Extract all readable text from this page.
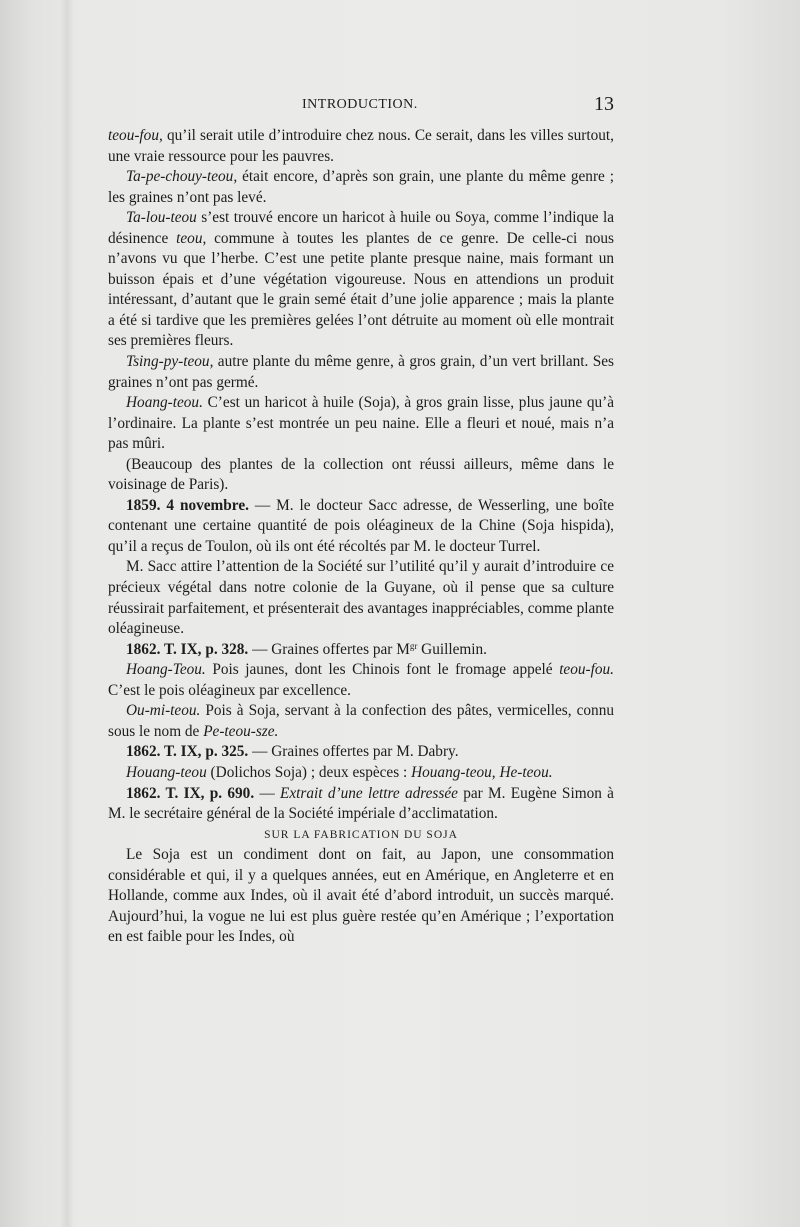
INTRODUCTION.	13

teou-fou, qu’il serait utile d’introduire chez nous. Ce serait, dans les villes surtout, une vraie ressource pour les pauvres.

Ta-pe-chouy-teou, était encore, d’après son grain, une plante du même genre ; les graines n’ont pas levé.

Ta-lou-teou s’est trouvé encore un haricot à huile ou Soya, comme l’indique la désinence teou, commune à toutes les plantes de ce genre. De celle-ci nous n’avons vu que l’herbe. C’est une petite plante presque naine, mais formant un buisson épais et d’une végétation vigoureuse. Nous en attendions un produit intéressant, d’autant que le grain semé était d’une jolie apparence ; mais la plante a été si tardive que les premières gelées l’ont détruite au moment où elle montrait ses premières fleurs.

Tsing-py-teou, autre plante du même genre, à gros grain, d’un vert brillant. Ses graines n’ont pas germé.

Hoang-teou. C’est un haricot à huile (Soja), à gros grain lisse, plus jaune qu’à l’ordinaire. La plante s’est montrée un peu naine. Elle a fleuri et noué, mais n’a pas mûri.

(Beaucoup des plantes de la collection ont réussi ailleurs, même dans le voisinage de Paris).

1859. 4 novembre. — M. le docteur Sacc adresse, de Wesserling, une boîte contenant une certaine quantité de pois oléagineux de la Chine (Soja hispida), qu’il a reçus de Toulon, où ils ont été récoltés par M. le docteur Turrel.

M. Sacc attire l’attention de la Société sur l’utilité qu’il y aurait d’introduire ce précieux végétal dans notre colonie de la Guyane, où il pense que sa culture réussirait parfaitement, et présenterait des avantages inappréciables, comme plante oléagineuse.

1862. T. IX, p. 328. — Graines offertes par $M^{gr}$ Guillemin.

Hoang-Teou. Pois jaunes, dont les Chinois font le fromage appelé teou-fou. C’est le pois oléagineux par excellence.

Ou-mi-teou. Pois à Soja, servant à la confection des pâtes, vermicelles, connu sous le nom de Pe-teou-sze.

1862. T. IX, p. 325. — Graines offertes par M. Dabry.

Houang-teou (Dolichos Soja) ; deux espèces : Houang-teou, He-teou.

1862. T. IX, p. 690. — Extrait d’une lettre adressée par M. Eugène Simon à M. le secrétaire général de la Société impériale d’acclimatation.

SUR LA FABRICATION DU SOJA

Le Soja est un condiment dont on fait, au Japon, une consommation considérable et qui, il y a quelques années, eut en Amérique, en Angleterre et en Hollande, comme aux Indes, où il avait été d’abord introduit, un succès marqué. Aujourd’hui, la vogue ne lui est plus guère restée qu’en Amérique ; l’exportation en est faible pour les Indes, où
